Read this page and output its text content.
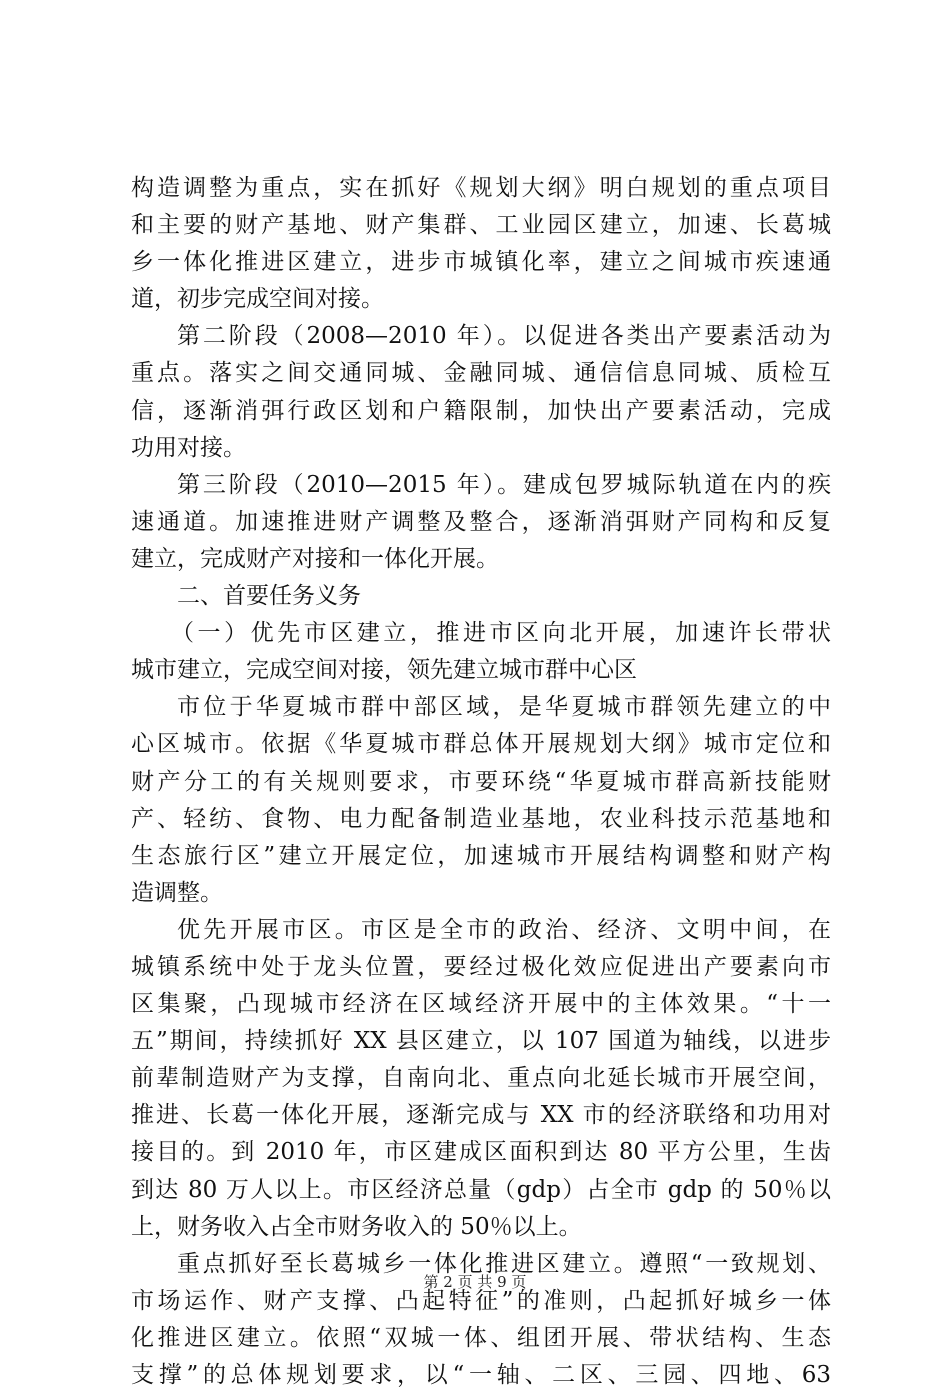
构造调整为重点，实在抓好《规划大纲》明白规划的重点项目
和主要的财产基地、财产集群、工业园区建立，加速、长葛城
乡一体化推进区建立，进步市城镇化率，建立之间城市疾速通
道，初步完成空间对接。
第二阶段（2008—2010 年）。以促进各类出产要素活动为
重点。落实之间交通同城、金融同城、通信信息同城、质检互
信，逐渐消弭行政区划和户籍限制，加快出产要素活动，完成
功用对接。
第三阶段（2010—2015 年）。建成包罗城际轨道在内的疾
速通道。加速推进财产调整及整合，逐渐消弭财产同构和反复
建立，完成财产对接和一体化开展。
二、首要任务义务
（一）优先市区建立，推进市区向北开展，加速许长带状
城市建立，完成空间对接，领先建立城市群中心区
市位于华夏城市群中部区域，是华夏城市群领先建立的中
心区城市。依据《华夏城市群总体开展规划大纲》城市定位和
财产分工的有关规则要求，市要环绕“华夏城市群高新技能财
产、轻纺、食物、电力配备制造业基地，农业科技示范基地和
生态旅行区”建立开展定位，加速城市开展结构调整和财产构
造调整。
优先开展市区。市区是全市的政治、经济、文明中间，在
城镇系统中处于龙头位置，要经过极化效应促进出产要素向市
区集聚，凸现城市经济在区域经济开展中的主体效果。“十一
五”期间，持续抓好 XX 县区建立，以 107 国道为轴线，以进步
前辈制造财产为支撑，自南向北、重点向北延长城市开展空间，
推进、长葛一体化开展，逐渐完成与 XX 市的经济联络和功用对
接目的。到 2010 年，市区建成区面积到达 80 平方公里，生齿
到达 80 万人以上。市区经济总量（gdp）占全市 gdp 的 50％以
上，财务收入占全市财务收入的 50％以上。
重点抓好至长葛城乡一体化推进区建立。遵照“一致规划、
市场运作、财产支撑、凸起特征”的准则，凸起抓好城乡一体
化推进区建立。依照“双城一体、组团开展、带状结构、生态
支撑”的总体规划要求，以“一轴、二区、三园、四地、63
第 2 页 共 9 页
